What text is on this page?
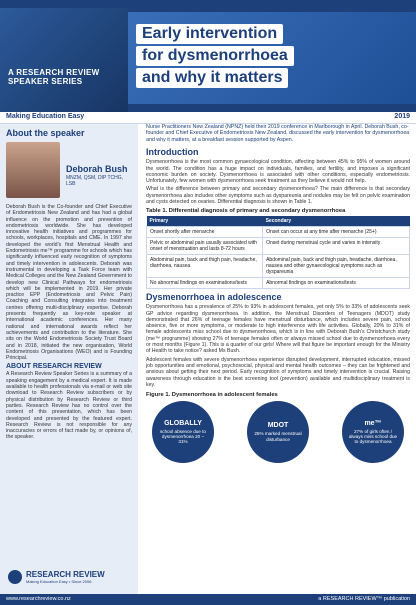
A RESEARCH REVIEW
SPEAKER SERIES
Early intervention
for dysmenorrhoea
and why it matters
Making Education Easy	2019
About the speaker
Deborah Bush
MNZM, QSM, DIP TCHG, LSB
Deborah Bush is the Co-founder and Chief Executive of Endometriosis New Zealand and has had a global influence on the promotion and prevention of endometriosis worldwide. She has developed innovative health initiatives and programmes for schools, workplaces, hospitals and CME. In 1997 she developed the world's first Menstrual Health and Endometriosis me™ programme for schools which has significantly influenced early recognition of symptoms and timely intervention in adolescents. Deborah was instrumental in developing a Task Force team with Medical Colleges and the New Zealand Government to develop new Clinical Pathways for endometriosis which will be implemented in 2019. Her private practice EPP (Endometriosis and Pelvic Pain) Coaching and Consulting integrates into treatment centres offering multi-disciplinary expertise. Deborah presents frequently as key-note speaker at international academic conferences. Her many national and international awards reflect her achievements and contribution to the literature. She sits on the World Endometriosis Society Trust Board and in 2018, initiated the new organisation, World Endometriosis Organisations (WEO) and is Founding Principal.
ABOUT RESEARCH REVIEW
A Research Review Speaker Series is a summary of a speaking engagement by a medical expert. It is made available to health professionals via e-mail or web site download to Research Review subscribers or by physical distribution by Research Review or third parties. Research Review has no control over the content of this presentation, which has been developed and presented by the featured expert. Research Review is not responsible for any inaccuracies or errors of fact made by, or opinions of, the speaker.
RESEARCH REVIEW
Making Education Easy • Since 2006
Nurse Practitioners New Zealand (NPNZ) held their 2019 conference in Marlborough in April. Deborah Bush, co-founder and Chief Executive of Endometriosis New Zealand, discussed the early intervention for dysmenorrhoea and why it matters, at a breakfast session supported by Aspen.
Introduction
Dysmenorrhoea is the most common gynaecological condition, affecting between 45% to 95% of women around the world. The condition has a huge impact on individuals, families, and fertility, and imposes a significant economic burden on society. Dysmenorrhoea is associated with other conditions, especially endometriosis. Unfortunately, few women with dysmenorrhoea seek treatment as they believe it would not help.
What is the difference between primary and secondary dysmenorrhoea? The main difference is that secondary dysmenorrhoea also includes other symptoms such as dyspareunia and nodules may be felt on pelvic examination and cysts detected on ovaries. Differential diagnosis is shown in Table 1.
Table 1. Differential diagnosis of primary and secondary dysmenorrhoea
Primary	Secondary
Onset shortly after menarche	Onset can occur at any time after menarche (25+)
Pelvic or abdominal pain usually associated with onset of menstruation and lasts 8-72 hours	Onset during menstrual cycle and varies in intensity
Abdominal pain, back and thigh pain, headache, diarrhoea, nausea	Abdominal pain, back and thigh pain, headache, diarrhoea, nausea and other gynaecological symptoms such as dyspareunia
No abnormal findings on examinations/tests	Abnormal findings on examinations/tests
Dysmenorrhoea in adolescence
Dysmenorrhoea has a prevalence of 25% to 93% in adolescent females, yet only 5% to 33% of adolescents seek GP advice regarding dysmenorrhoea. In addition, the Menstrual Disorders of Teenagers (MDOT) study demonstrated that 26% of teenage females have menstrual disturbance, which includes severe pain, school absence, five or more symptoms, or moderate to high interference with life activities. Globally, 20% to 31% of female adolescents miss school due to dysmenorrhoea, which is in line with Deborah Bush's Christchurch study (me™ programme) showing 27% of teenage females often or always missed school due to dysmenorrhoea every or most months (Figure 1). This is a quarter of our girls! Where will that figure be important enough for the Ministry of Health to take notice? asked Ms Bush.
Adolescent females with severe dysmenorrhoea experience disrupted development, interrupted education, missed job opportunities and emotional, psychosocial, physical and mental health outcomes – they can be frightened and anxious about getting their next period. Early recognition of symptoms and timely intervention is crucial. Raising awareness through education is the best screening tool (prevention) available and multidisciplinary treatment is key.
Figure 1. Dysmenorrhoea in adolescent females
GLOBALLY
school absence due to dysmenorrhoea 20 – 31%
MDOT
25% marked menstrual disturbance
me™
27% of girls often / always miss school due to dysmenorrhoea
www.researchreview.co.nz	a RESEARCH REVIEW™ publication
